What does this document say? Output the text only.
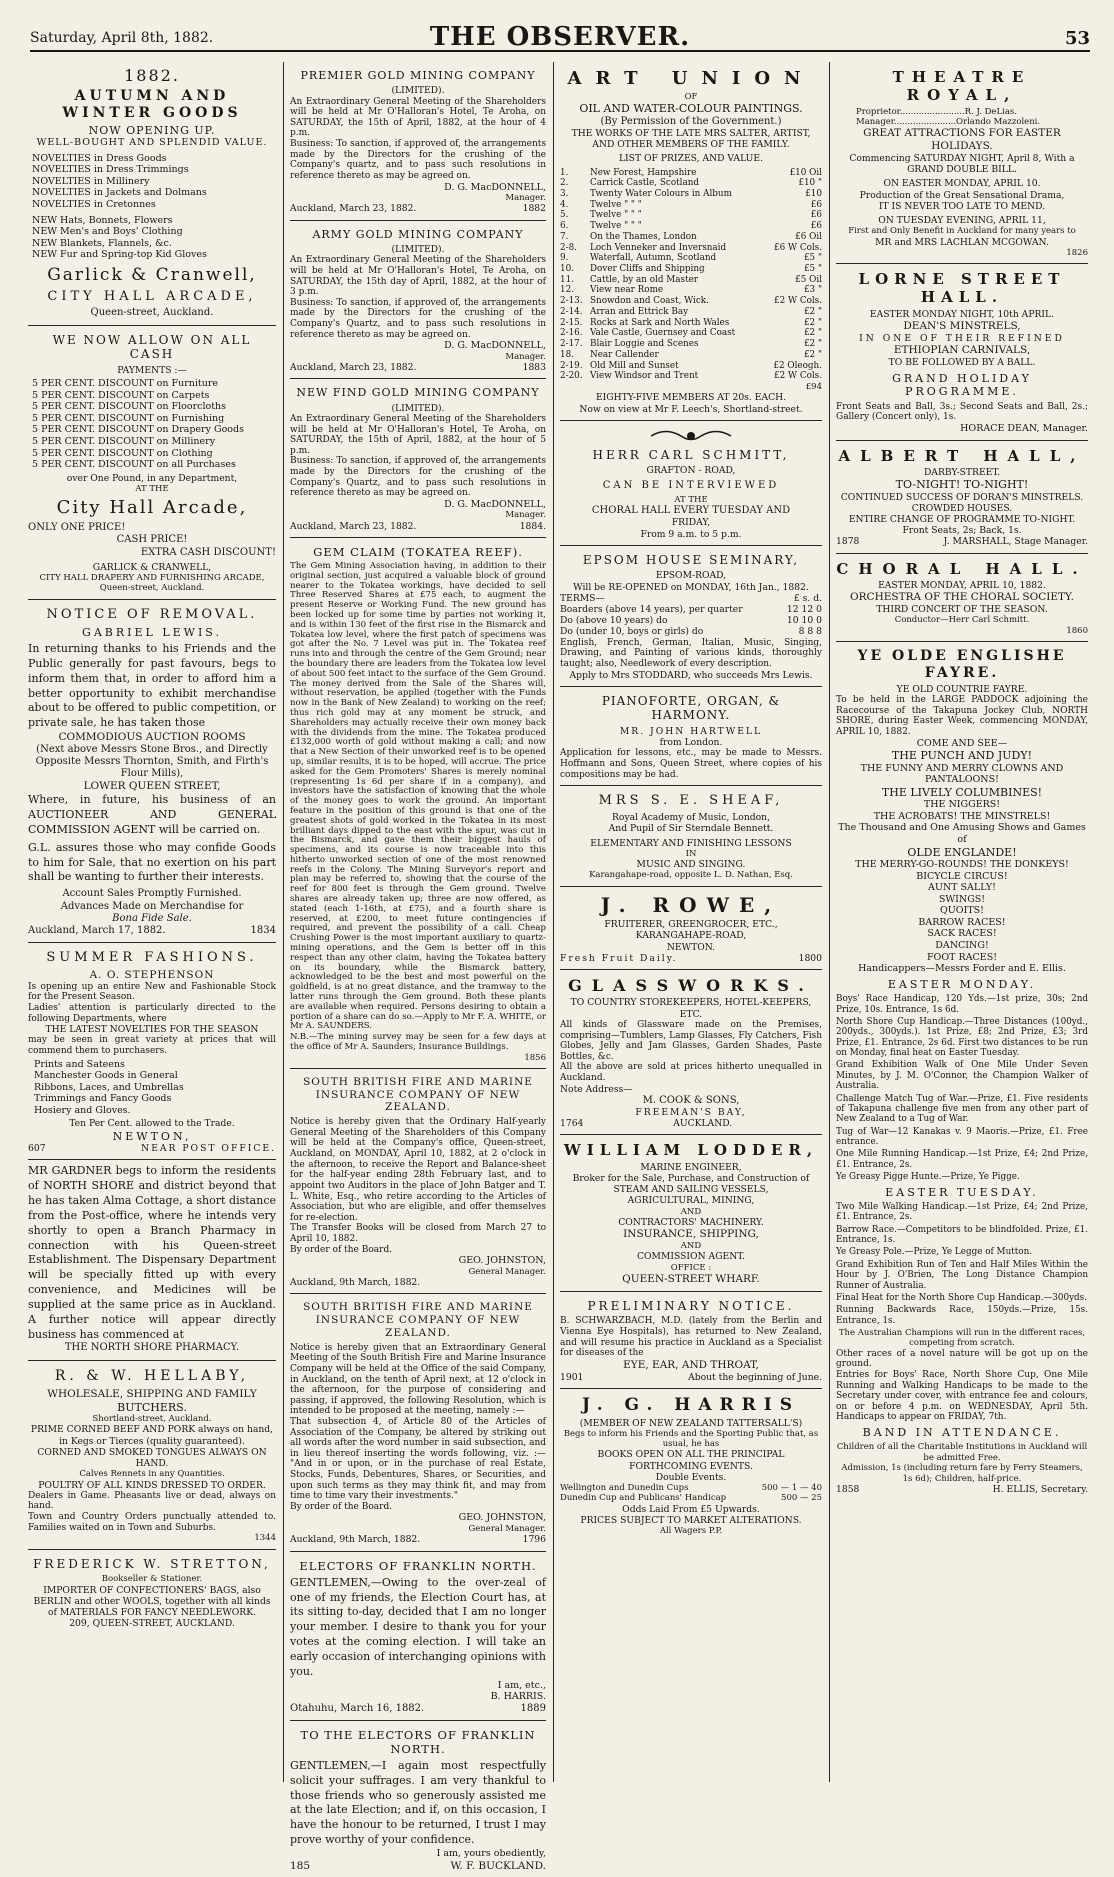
Saturday, April 8th, 1882.	THE OBSERVER.	53
1882.
AUTUMN AND WINTER GOODS
NOW OPENING UP.
WELL-BOUGHT AND SPLENDID VALUE.
NOVELTIES in Dress Goods
NOVELTIES in Dress Trimmings
NOVELTIES in Millinery
NOVELTIES in Jackets and Dolmans
NOVELTIES in Cretonnes
NEW Hats, Bonnets, Flowers
NEW Men's and Boys' Clothing
NEW Blankets, Flannels, &c.
NEW Fur and Spring-top Kid Gloves
Garlick & Cranwell,
CITY HALL ARCADE,
Queen-street, Auckland.
WE NOW ALLOW ON ALL CASH
PAYMENTS :—
5 PER CENT. DISCOUNT on Furniture
5 PER CENT. DISCOUNT on Carpets
5 PER CENT. DISCOUNT on Floorcloths
5 PER CENT. DISCOUNT on Furnishing
5 PER CENT. DISCOUNT on Drapery Goods
5 PER CENT. DISCOUNT on Millinery
5 PER CENT. DISCOUNT on Clothing
5 PER CENT. DISCOUNT on all Purchases
over One Pound, in any Department,
AT THE
City Hall Arcade,
ONLY ONE PRICE!
CASH PRICE!
EXTRA CASH DISCOUNT!
GARLICK & CRANWELL,
CITY HALL DRAPERY AND FURNISHING ARCADE,
Queen-street, Auckland.
NOTICE OF REMOVAL.
GABRIEL LEWIS.
In returning thanks to his Friends and the Public generally for past favours, begs to inform them that, in order to afford him a better opportunity to exhibit merchandise about to be offered to public competition, or private sale, he has taken those
COMMODIOUS AUCTION ROOMS
(Next above Messrs Stone Bros., and Directly Opposite Messrs Thornton, Smith, and Firth's Flour Mills),
LOWER QUEEN STREET,
Where, in future, his business of an AUCTIONEER AND GENERAL COMMISSION AGENT will be carried on.
G.L. assures those who may confide Goods to him for Sale, that no exertion on his part shall be wanting to further their interests.
Account Sales Promptly Furnished.
Advances Made on Merchandise for
Bona Fide Sale.
Auckland, March 17, 1882.	1834
SUMMER FASHIONS.
A. O. STEPHENSON
Is opening up an entire New and Fashionable Stock for the Present Season.
Ladies' attention is particularly directed to the following Departments, where
THE LATEST NOVELTIES FOR THE SEASON
may be seen in great variety at prices that will commend them to purchasers.
Prints and Sateens
Manchester Goods in General
Ribbons, Laces, and Umbrellas
Trimmings and Fancy Goods
Hosiery and Gloves.
Ten Per Cent. allowed to the Trade.
NEWTON,
607	NEAR POST OFFICE.
MR GARDNER begs to inform the residents of NORTH SHORE and district beyond that he has taken Alma Cottage, a short distance from the Post-office, where he intends very shortly to open a Branch Pharmacy in connection with his Queen-street Establishment. The Dispensary Department will be specially fitted up with every convenience, and Medicines will be supplied at the same price as in Auckland. A further notice will appear directly business has commenced at
THE NORTH SHORE PHARMACY.
R. & W. HELLABY,
WHOLESALE, SHIPPING AND FAMILY
BUTCHERS.
Shortland-street, Auckland.
PRIME CORNED BEEF AND PORK always on hand, in Kegs or Tierces (quality guaranteed).
CORNED AND SMOKED TONGUES ALWAYS ON HAND.
Calves Rennets in any Quantities.
POULTRY OF ALL KINDS DRESSED TO ORDER.
Dealers in Game. Pheasants live or dead, always on hand.
Town and Country Orders punctually attended to. Families waited on in Town and Suburbs.
1344
FREDERICK W. STRETTON,
Bookseller & Stationer.
IMPORTER OF CONFECTIONERS' BAGS, also BERLIN and other WOOLS, together with all kinds of MATERIALS FOR FANCY NEEDLEWORK.
209, QUEEN-STREET, AUCKLAND.
PREMIER GOLD MINING COMPANY
(LIMITED).
An Extraordinary General Meeting of the Shareholders will be held at Mr O'Halloran's Hotel, Te Aroha, on SATURDAY, the 15th of April, 1882, at the hour of 4 p.m.
Business: To sanction, if approved of, the arrangements made by the Directors for the crushing of the Company's quartz, and to pass such resolutions in reference thereto as may be agreed on.
D. G. MacDONNELL,
Manager.
Auckland, March 23, 1882.	1882
ARMY GOLD MINING COMPANY
(LIMITED).
An Extraordinary General Meeting of the Shareholders will be held at Mr O'Halloran's Hotel, Te Aroha, on SATURDAY, the 15th day of April, 1882, at the hour of 3 p.m.
Business: To sanction, if approved of, the arrangements made by the Directors for the crushing of the Company's Quartz, and to pass such resolutions in reference thereto as may be agreed on.
D. G. MacDONNELL,
Manager.
Auckland, March 23, 1882.	1883
NEW FIND GOLD MINING COMPANY
(LIMITED).
An Extraordinary General Meeting of the Shareholders will be held at Mr O'Halloran's Hotel, Te Aroha, on SATURDAY, the 15th of April, 1882, at the hour of 5 p.m.
Business: To sanction, if approved of, the arrangements made by the Directors for the crushing of the Company's Quartz, and to pass such resolutions in reference thereto as may be agreed on.
D. G. MacDONNELL,
Manager.
Auckland, March 23, 1882.	1884.
GEM CLAIM (TOKATEA REEF).
The Gem Mining Association having, in addition to their original section, just acquired a valuable block of ground nearer to the Tokatea workings, have decided to sell Three Reserved Shares at £75 each, to augment the present Reserve or Working Fund. The new ground has been locked up for some time by parties not working it, and is within 130 feet of the first rise in the Bismarck and Tokatea low level, where the first patch of specimens was got after the No. 7 Level was put in. The Tokatea reef runs into and through the centre of the Gem Ground; near the boundary there are leaders from the Tokatea low level of about 500 feet intact to the surface of the Gem Ground. The money derived from the Sale of the Shares will, without reservation, be applied (together with the Funds now in the Bank of New Zealand) to working on the reef; thus rich gold may at any moment be struck, and Shareholders may actually receive their own money back with the dividends from the mine. The Tokatea produced £132,000 worth of gold without making a call; and now that a New Section of their unworked reef is to be opened up, similar results, it is to be hoped, will accrue. The price asked for the Gem Promoters' Shares is merely nominal (representing 1s 6d per share if in a company), and investors have the satisfaction of knowing that the whole of the money goes to work the ground. An important feature in the position of this ground is that one of the greatest shots of gold worked in the Tokatea in its most brilliant days dipped to the east with the spur, was cut in the Bismarck, and gave them their biggest hauls of specimens, and its course is now traceable into this hitherto unworked section of one of the most renowned reefs in the Colony. The Mining Surveyor's report and plan may be referred to, showing that the course of the reef for 800 feet is through the Gem ground. Twelve shares are already taken up; three are now offered, as stated (each 1-16th, at £75), and a fourth share is reserved, at £200, to meet future contingencies if required, and prevent the possibility of a call. Cheap Crushing Power is the most important auxiliary to quartz-mining operations, and the Gem is better off in this respect than any other claim, having the Tokatea battery on its boundary, while the Bismarck battery, acknowledged to be the best and most powerful on the goldfield, is at no great distance, and the tramway to the latter runs through the Gem ground. Both these plants are available when required. Persons desiring to obtain a portion of a share can do so.—Apply to Mr F. A. WHITE, or Mr A. SAUNDERS.
N.B.—The mining survey may be seen for a few days at the office of Mr A. Saunders, Insurance Buildings.
1856
SOUTH BRITISH FIRE AND MARINE INSURANCE COMPANY OF NEW ZEALAND.
Notice is hereby given that the Ordinary Half-yearly General Meeting of the Shareholders of this Company will be held at the Company's office, Queen-street, Auckland, on MONDAY, April 10, 1882, at 2 o'clock in the afternoon, to receive the Report and Balance-sheet for the half-year ending 28th February last, and to appoint two Auditors in the place of John Batger and T. L. White, Esq., who retire according to the Articles of Association, but who are eligible, and offer themselves for re-election.
The Transfer Books will be closed from March 27 to April 10, 1882.
By order of the Board.
GEO. JOHNSTON,
General Manager.
Auckland, 9th March, 1882.
SOUTH BRITISH FIRE AND MARINE INSURANCE COMPANY OF NEW ZEALAND.
Notice is hereby given that an Extraordinary General Meeting of the South British Fire and Marine Insurance Company will be held at the Office of the said Company, in Auckland, on the tenth of April next, at 12 o'clock in the afternoon, for the purpose of considering and passing, if approved, the following Resolution, which is intended to be proposed at the meeting, namely :—
That subsection 4, of Article 80 of the Articles of Association of the Company, be altered by striking out all words after the word number in said subsection, and in lieu thereof inserting the words following, viz. :— "And in or upon, or in the purchase of real Estate, Stocks, Funds, Debentures, Shares, or Securities, and upon such terms as they may think fit, and may from time to time vary their investments."
By order of the Board.
GEO. JOHNSTON,
General Manager.
Auckland, 9th March, 1882.	1796
ELECTORS OF FRANKLIN NORTH.
GENTLEMEN,—Owing to the over-zeal of one of my friends, the Election Court has, at its sitting to-day, decided that I am no longer your member. I desire to thank you for your votes at the coming election. I will take an early occasion of interchanging opinions with you.
I am, etc.,
B. HARRIS.
Otahuhu, March 16, 1882.	1889
TO THE ELECTORS OF FRANKLIN NORTH.
GENTLEMEN,—I again most respectfully solicit your suffrages. I am very thankful to those friends who so generously assisted me at the late Election; and if, on this occasion, I have the honour to be returned, I trust I may prove worthy of your confidence.
I am, yours obediently,
185	W. F. BUCKLAND.
ART UNION
OF
OIL AND WATER-COLOUR PAINTINGS.
(By Permission of the Government.)
THE WORKS OF THE LATE MRS SALTER, ARTIST, AND OTHER MEMBERS OF THE FAMILY.
LIST OF PRIZES, AND VALUE.
1.	New Forest, Hampshire	£10 Oil
2.	Carrick Castle, Scotland	£10 "
3.	Twenty Water Colours in Album	£10
4.	Twelve " " "	£6
5.	Twelve " " "	£6
6.	Twelve " " "	£6
7.	On the Thames, London	£6 Oil
2-8.	Loch Venneker and Inversnaid	£6 W Cols.
9.	Waterfall, Autumn, Scotland	£5 "
10.	Dover Cliffs and Shipping	£5 "
11.	Cattle, by an old Master	£5 Oil
12.	View near Rome	£3 "
2-13.	Snowdon and Coast, Wick.	£2 W Cols.
2-14.	Arran and Ettrick Bay	£2 "
2-15.	Rocks at Sark and North Wales	£2 "
2-16.	Vale Castle, Guernsey and Coast	£2 "
2-17.	Blair Loggie and Scenes	£2 "
18.	Near Callender	£2 "
2-19.	Old Mill and Sunset	£2 Oleogh.
2-20.	View Windsor and Trent	£2 W Cols.
£94
EIGHTY-FIVE MEMBERS AT 20s. EACH.
Now on view at Mr F. Leech's, Shortland-street.
HERR CARL SCHMITT,
GRAFTON - ROAD,
CAN BE INTERVIEWED
AT THE
CHORAL HALL EVERY TUESDAY AND
FRIDAY,
From 9 a.m. to 5 p.m.
EPSOM HOUSE SEMINARY,
EPSOM-ROAD,
Will be RE-OPENED on MONDAY, 16th Jan., 1882.
TERMS—	£ s. d.
Boarders (above 14 years), per quarter	12 12 0
Do (above 10 years) do	10 10 0
Do (under 10, boys or girls) do	8 8 8
English, French, German, Italian, Music, Singing, Drawing, and Painting of various kinds, thoroughly taught; also, Needlework of every description.
Apply to Mrs STODDARD, who succeeds Mrs Lewis.
PIANOFORTE, ORGAN, & HARMONY.
MR. JOHN HARTWELL
from London.
Application for lessons, etc., may be made to Messrs. Hoffmann and Sons, Queen Street, where copies of his compositions may be had.
MRS S. E. SHEAF,
Royal Academy of Music, London,
And Pupil of Sir Sterndale Bennett.
ELEMENTARY AND FINISHING LESSONS
IN
MUSIC AND SINGING.
Karangahape-road, opposite L. D. Nathan, Esq.
J. ROWE,
FRUITERER, GREENGROCER, ETC.,
KARANGAHAPE-ROAD,
NEWTON.
Fresh Fruit Daily.	1800
GLASSWORKS.
TO COUNTRY STOREKEEPERS, HOTEL-KEEPERS, ETC.
All kinds of Glassware made on the Premises, comprising—Tumblers, Lamp Glasses, Fly Catchers, Fish Globes, Jelly and Jam Glasses, Garden Shades, Paste Bottles, &c.
All the above are sold at prices hitherto unequalled in Auckland.
Note Address—
M. COOK & SONS,
FREEMAN'S BAY,
1764	AUCKLAND.
WILLIAM LODDER,
MARINE ENGINEER,
Broker for the Sale, Purchase, and Construction of
STEAM AND SAILING VESSELS,
AGRICULTURAL, MINING,
AND
CONTRACTORS' MACHINERY.
INSURANCE, SHIPPING,
AND
COMMISSION AGENT.
OFFICE :
QUEEN-STREET WHARF.
PRELIMINARY NOTICE.
B. SCHWARZBACH, M.D. (lately from the Berlin and Vienna Eye Hospitals), has returned to New Zealand, and will resume his practice in Auckland as a Specialist for diseases of the
EYE, EAR, AND THROAT,
1901	About the beginning of June.
J. G. HARRIS
(MEMBER OF NEW ZEALAND TATTERSALL'S)
Begs to inform his Friends and the Sporting Public that, as usual, he has
BOOKS OPEN ON ALL THE PRINCIPAL FORTHCOMING EVENTS.
Double Events.
Wellington and Dunedin Cups	500 — 1 — 40
Dunedin Cup and Publicans' Handicap	500 — 25
Odds Laid From £5 Upwards.
PRICES SUBJECT TO MARKET ALTERATIONS.
All Wagers P.P.
THEATRE ROYAL,
Proprietor........................R. J. DeLias.
Manager.......................Orlando Mazzoleni.
GREAT ATTRACTIONS FOR EASTER
HOLIDAYS.
Commencing SATURDAY NIGHT, April 8, With a GRAND DOUBLE BILL.
ON EASTER MONDAY, APRIL 10.
Production of the Great Sensational Drama,
IT IS NEVER TOO LATE TO MEND.
ON TUESDAY EVENING, APRIL 11,
First and Only Benefit in Auckland for many years to
MR and MRS LACHLAN MCGOWAN.
1826
LORNE STREET HALL.
EASTER MONDAY NIGHT, 10th APRIL.
DEAN'S MINSTRELS,
IN ONE OF THEIR REFINED
ETHIOPIAN CARNIVALS,
TO BE FOLLOWED BY A BALL.
GRAND HOLIDAY PROGRAMME.
Front Seats and Ball, 3s.; Second Seats and Ball, 2s.; Gallery (Concert only), 1s.
HORACE DEAN, Manager.
ALBERT HALL,
DARBY-STREET.
TO-NIGHT! TO-NIGHT!
CONTINUED SUCCESS OF DORAN'S MINSTRELS.
CROWDED HOUSES.
ENTIRE CHANGE OF PROGRAMME TO-NIGHT.
Front Seats, 2s; Back, 1s.
1878	J. MARSHALL, Stage Manager.
CHORAL HALL.
EASTER MONDAY, APRIL 10, 1882.
ORCHESTRA OF THE CHORAL SOCIETY.
THIRD CONCERT OF THE SEASON.
Conductor—Herr Carl Schmitt.
1860
YE OLDE ENGLISHE FAYRE.
YE OLD COUNTRIE FAYRE.
To be held in the LARGE PADDOCK adjoining the Racecourse of the Takapuna Jockey Club, NORTH SHORE, during Easter Week, commencing MONDAY, APRIL 10, 1882.
COME AND SEE—
THE PUNCH AND JUDY!
THE FUNNY AND MERRY CLOWNS AND PANTALOONS!
THE LIVELY COLUMBINES!
THE NIGGERS!
THE ACROBATS! THE MINSTRELS!
The Thousand and One Amusing Shows and Games of
OLDE ENGLANDE!
THE MERRY-GO-ROUNDS! THE DONKEYS!
BICYCLE CIRCUS!
AUNT SALLY!
SWINGS!
QUOITS!
BARROW RACES!
SACK RACES!
DANCING!
FOOT RACES!
Handicappers—Messrs Forder and E. Ellis.
EASTER MONDAY.
Boys' Race Handicap, 120 Yds.—1st prize, 30s; 2nd Prize, 10s. Entrance, 1s 6d.
North Shore Cup Handicap.—Three Distances (100yd., 200yds., 300yds.). 1st Prize, £8; 2nd Prize, £3; 3rd Prize, £1. Entrance, 2s 6d. First two distances to be run on Monday, final heat on Easter Tuesday.
Grand Exhibition Walk of One Mile Under Seven Minutes, by J. M. O'Connor, the Champion Walker of Australia.
Challenge Match Tug of War.—Prize, £1. Five residents of Takapuna challenge five men from any other part of New Zealand to a Tug of War.
Tug of War—12 Kanakas v. 9 Maoris.—Prize, £1. Free entrance.
One Mile Running Handicap.—1st Prize, £4; 2nd Prize, £1. Entrance, 2s.
Ye Greasy Pigge Hunte.—Prize, Ye Pigge.
EASTER TUESDAY.
Two Mile Walking Handicap.—1st Prize, £4; 2nd Prize, £1. Entrance, 2s.
Barrow Race.—Competitors to be blindfolded. Prize, £1. Entrance, 1s.
Ye Greasy Pole.—Prize, Ye Legge of Mutton.
Grand Exhibition Run of Ten and Half Miles Within the Hour by J. O'Brien, The Long Distance Champion Runner of Australia.
Final Heat for the North Shore Cup Handicap.—300yds.
Running Backwards Race, 150yds.—Prize, 15s. Entrance, 1s.
The Australian Champions will run in the different races, competing from scratch.
Other races of a novel nature will be got up on the ground.
Entries for Boys' Race, North Shore Cup, One Mile Running and Walking Handicaps to be made to the Secretary under cover, with entrance fee and colours, on or before 4 p.m. on WEDNESDAY, April 5th. Handicaps to appear on FRIDAY, 7th.
BAND IN ATTENDANCE.
Children of all the Charitable Institutions in Auckland will be admitted Free.
Admission, 1s (including return fare by Ferry Steamers, 1s 6d); Children, half-price.
1858	H. ELLIS, Secretary.
